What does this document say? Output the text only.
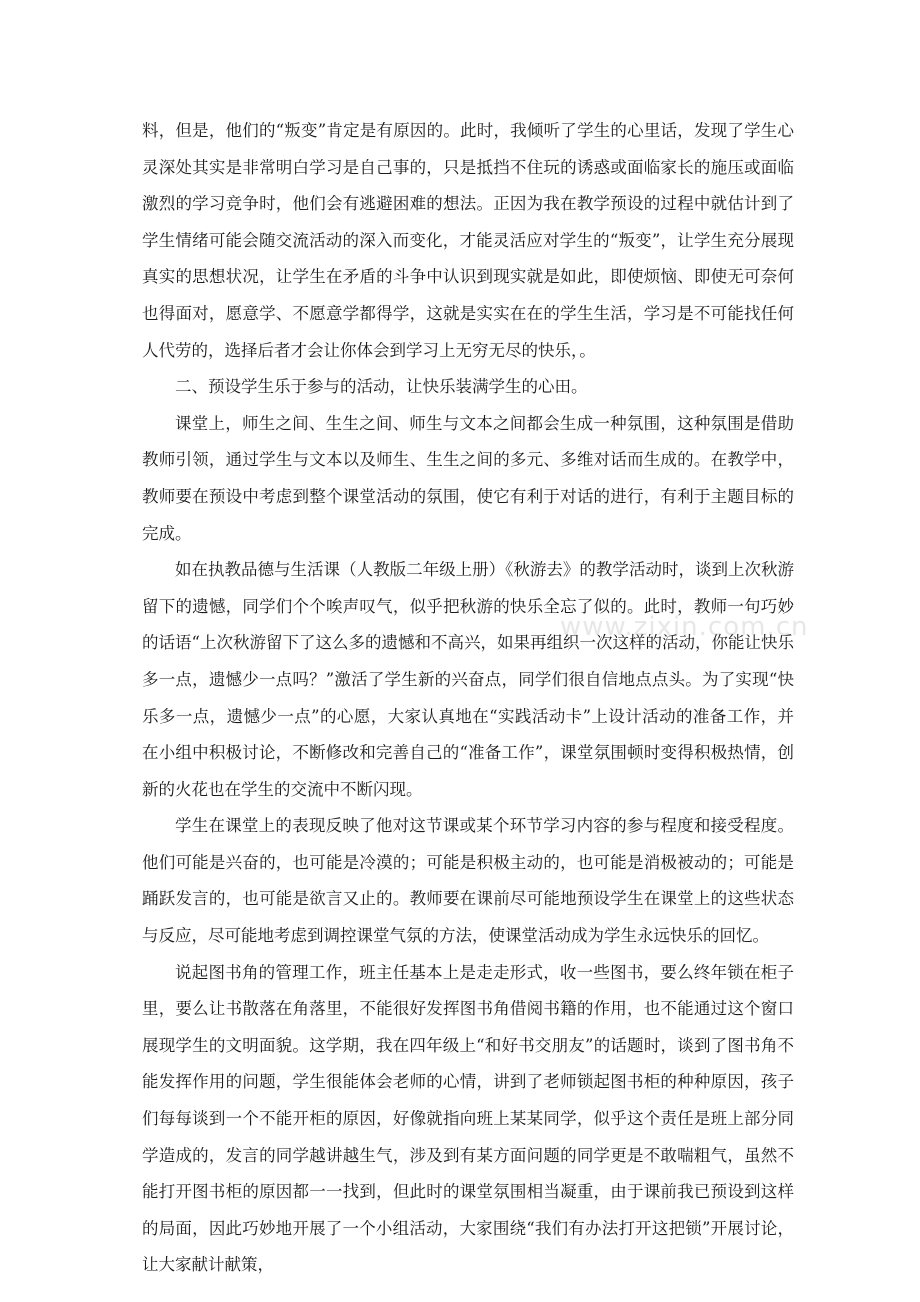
料，但是，他们的“叛变”肯定是有原因的。此时，我倾听了学生的心里话，发现了学生心灵深处其实是非常明白学习是自己事的，只是抵挡不住玩的诱惑或面临家长的施压或面临激烈的学习竞争时，他们会有逃避困难的想法。正因为我在教学预设的过程中就估计到了学生情绪可能会随交流活动的深入而变化，才能灵活应对学生的“叛变”，让学生充分展现真实的思想状况，让学生在矛盾的斗争中认识到现实就是如此，即使烦恼、即使无可奈何也得面对，愿意学、不愿意学都得学，这就是实实在在的学生生活，学习是不可能找任何人代劳的，选择后者才会让你体会到学习上无穷无尽的快乐，。

二、预设学生乐于参与的活动，让快乐装满学生的心田。

课堂上，师生之间、生生之间、师生与文本之间都会生成一种氛围，这种氛围是借助教师引领，通过学生与文本以及师生、生生之间的多元、多维对话而生成的。在教学中，教师要在预设中考虑到整个课堂活动的氛围，使它有利于对话的进行，有利于主题目标的完成。

如在执教品德与生活课（人教版二年级上册）《秋游去》的教学活动时，谈到上次秋游留下的遗憾，同学们个个唉声叹气，似乎把秋游的快乐全忘了似的。此时，教师一句巧妙的话语“上次秋游留下了这么多的遗憾和不高兴，如果再组织一次这样的活动，你能让快乐多一点，遗憾少一点吗？”激活了学生新的兴奋点，同学们很自信地点点头。为了实现“快乐多一点，遗憾少一点”的心愿，大家认真地在“实践活动卡”上设计活动的准备工作，并在小组中积极讨论，不断修改和完善自己的“准备工作”，课堂氛围顿时变得积极热情，创新的火花也在学生的交流中不断闪现。

学生在课堂上的表现反映了他对这节课或某个环节学习内容的参与程度和接受程度。他们可能是兴奋的，也可能是冷漠的；可能是积极主动的，也可能是消极被动的；可能是踊跃发言的，也可能是欲言又止的。教师要在课前尽可能地预设学生在课堂上的这些状态与反应，尽可能地考虑到调控课堂气氛的方法，使课堂活动成为学生永远快乐的回忆。

说起图书角的管理工作，班主任基本上是走走形式，收一些图书，要么终年锁在柜子里，要么让书散落在角落里，不能很好发挥图书角借阅书籍的作用，也不能通过这个窗口展现学生的文明面貌。这学期，我在四年级上“和好书交朋友”的话题时，谈到了图书角不能发挥作用的问题，学生很能体会老师的心情，讲到了老师锁起图书柜的种种原因，孩子们每每谈到一个不能开柜的原因，好像就指向班上某某同学，似乎这个责任是班上部分同学造成的，发言的同学越讲越生气，涉及到有某方面问题的同学更是不敢喘粗气，虽然不能打开图书柜的原因都一一找到，但此时的课堂氛围相当凝重，由于课前我已预设到这样的局面，因此巧妙地开展了一个小组活动，大家围绕“我们有办法打开这把锁”开展讨论，让大家献计献策，

www.zixin.com.cn
